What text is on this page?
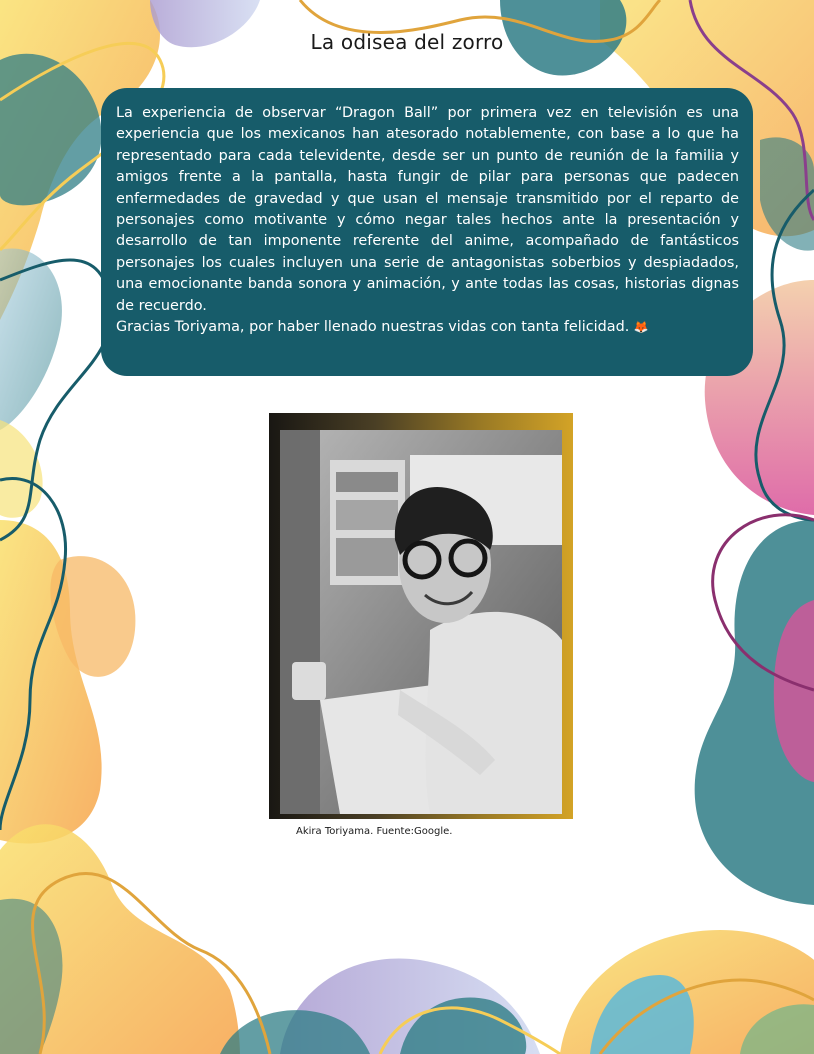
La odisea del zorro

La experiencia de observar “Dragon Ball” por primera vez en televisión es una experiencia que los mexicanos han atesorado notablemente, con base a lo que ha representado para cada televidente, desde ser un punto de reunión de la familia y amigos frente a la pantalla, hasta fungir de pilar para personas que padecen enfermedades de gravedad y que usan el mensaje transmitido por el reparto de personajes como motivante y cómo negar tales hechos ante la presentación y desarrollo de tan imponente referente del anime, acompañado de fantásticos personajes los cuales incluyen una serie de antagonistas soberbios y despiadados, una emocionante banda sonora y animación, y ante todas las cosas, historias dignas de recuerdo.

Gracias Toriyama, por haber llenado nuestras vidas con tanta felicidad. 🦊

Akira Toriyama. Fuente:Google.
